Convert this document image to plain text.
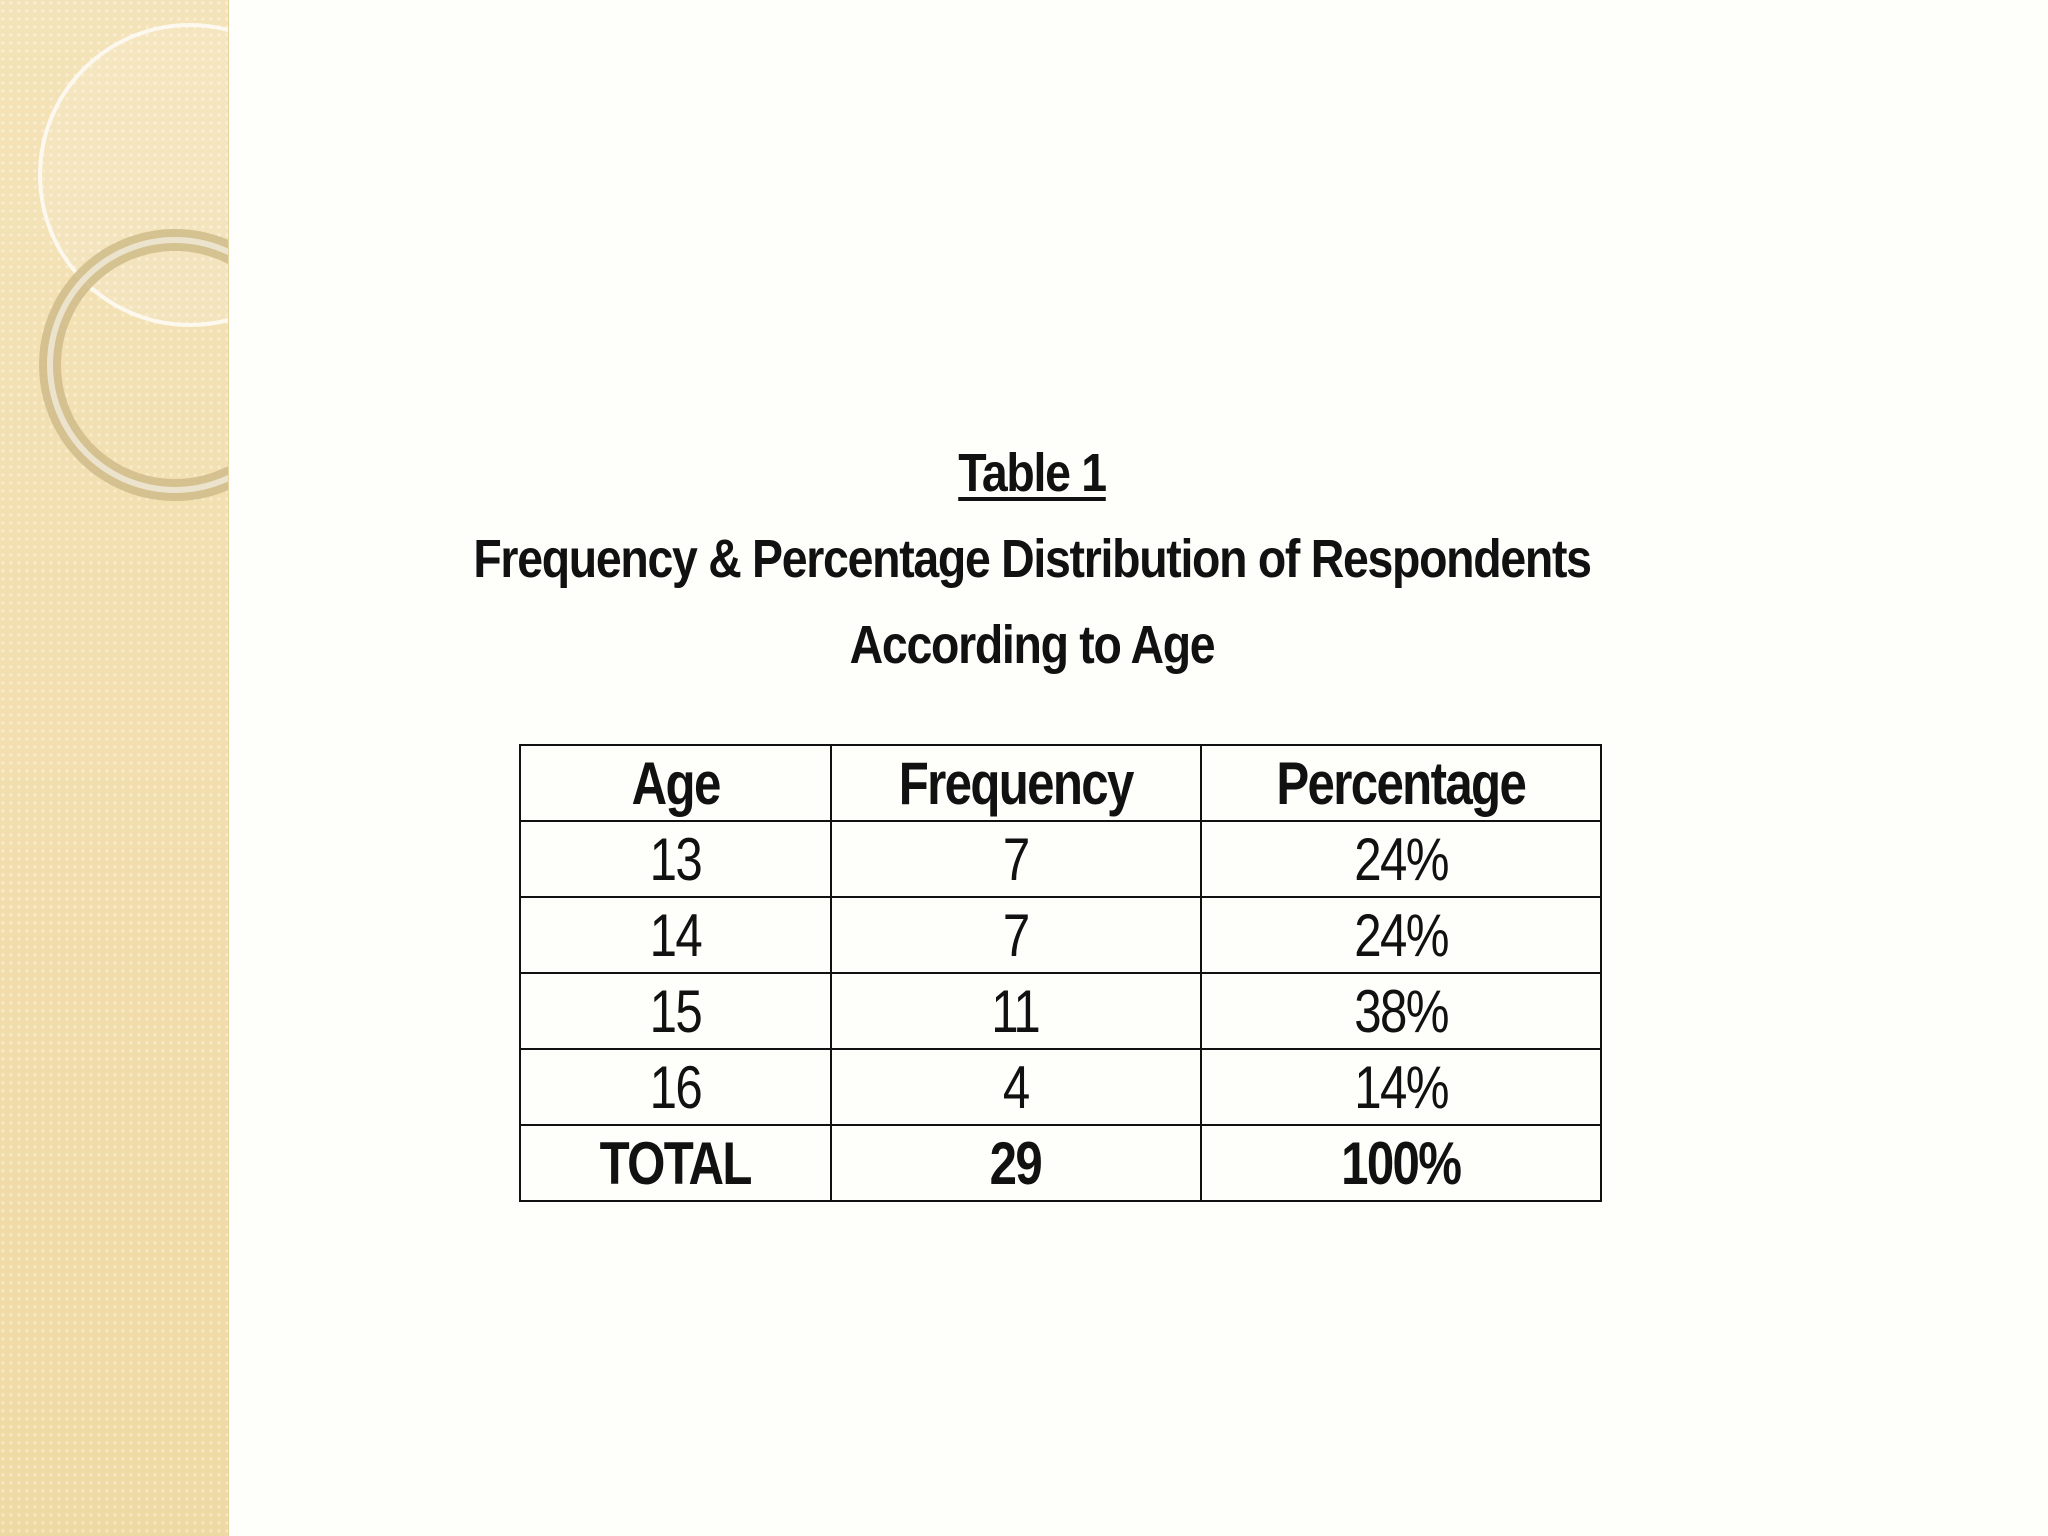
Table 1
Frequency & Percentage Distribution of Respondents
According to Age
Age	Frequency	Percentage
13	7	24%
14	7	24%
15	11	38%
16	4	14%
TOTAL	29	100%
